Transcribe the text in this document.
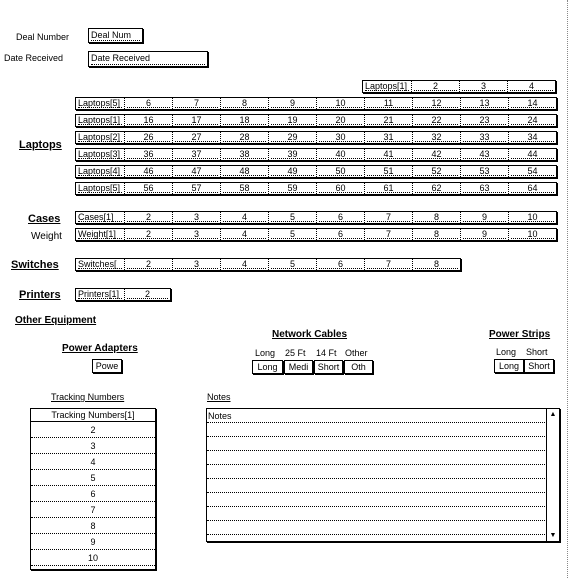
Deal Number Deal Num
Date Received	Date Received
Laptops[1]	2	3	4
Laptops
Laptops[5]	6	7	8	9	10	11	12	13	14
Laptops[1]	16	17	18	19	20	21	22	23	24
Laptops[2]	26	27	28	29	30	31	32	33	34
Laptops[3]	36	37	38	39	40	41	42	43	44
Laptops[4]	46	47	48	49	50	51	52	53	54
Laptops[5]	56	57	58	59	60	61	62	63	64
Cases Cases[1]	2	3	4	5	6	7	8	9	10
Weight Weight[1]	2	3	4	5	6	7	8	9	10
Switches Switches[	2	3	4	5	6	7	8
Printers Printers[1]	2
Other Equipment
Power Adapters
Powe
Network Cables
Long 25 Ft 14 Ft Other
Long	Medi	Short	Oth
Power Strips
Long Short
Long	Short
Tracking Numbers
Tracking Numbers[1]
2
3
4
5
6
7
8
9
10
Notes
Notes	▲
▼
